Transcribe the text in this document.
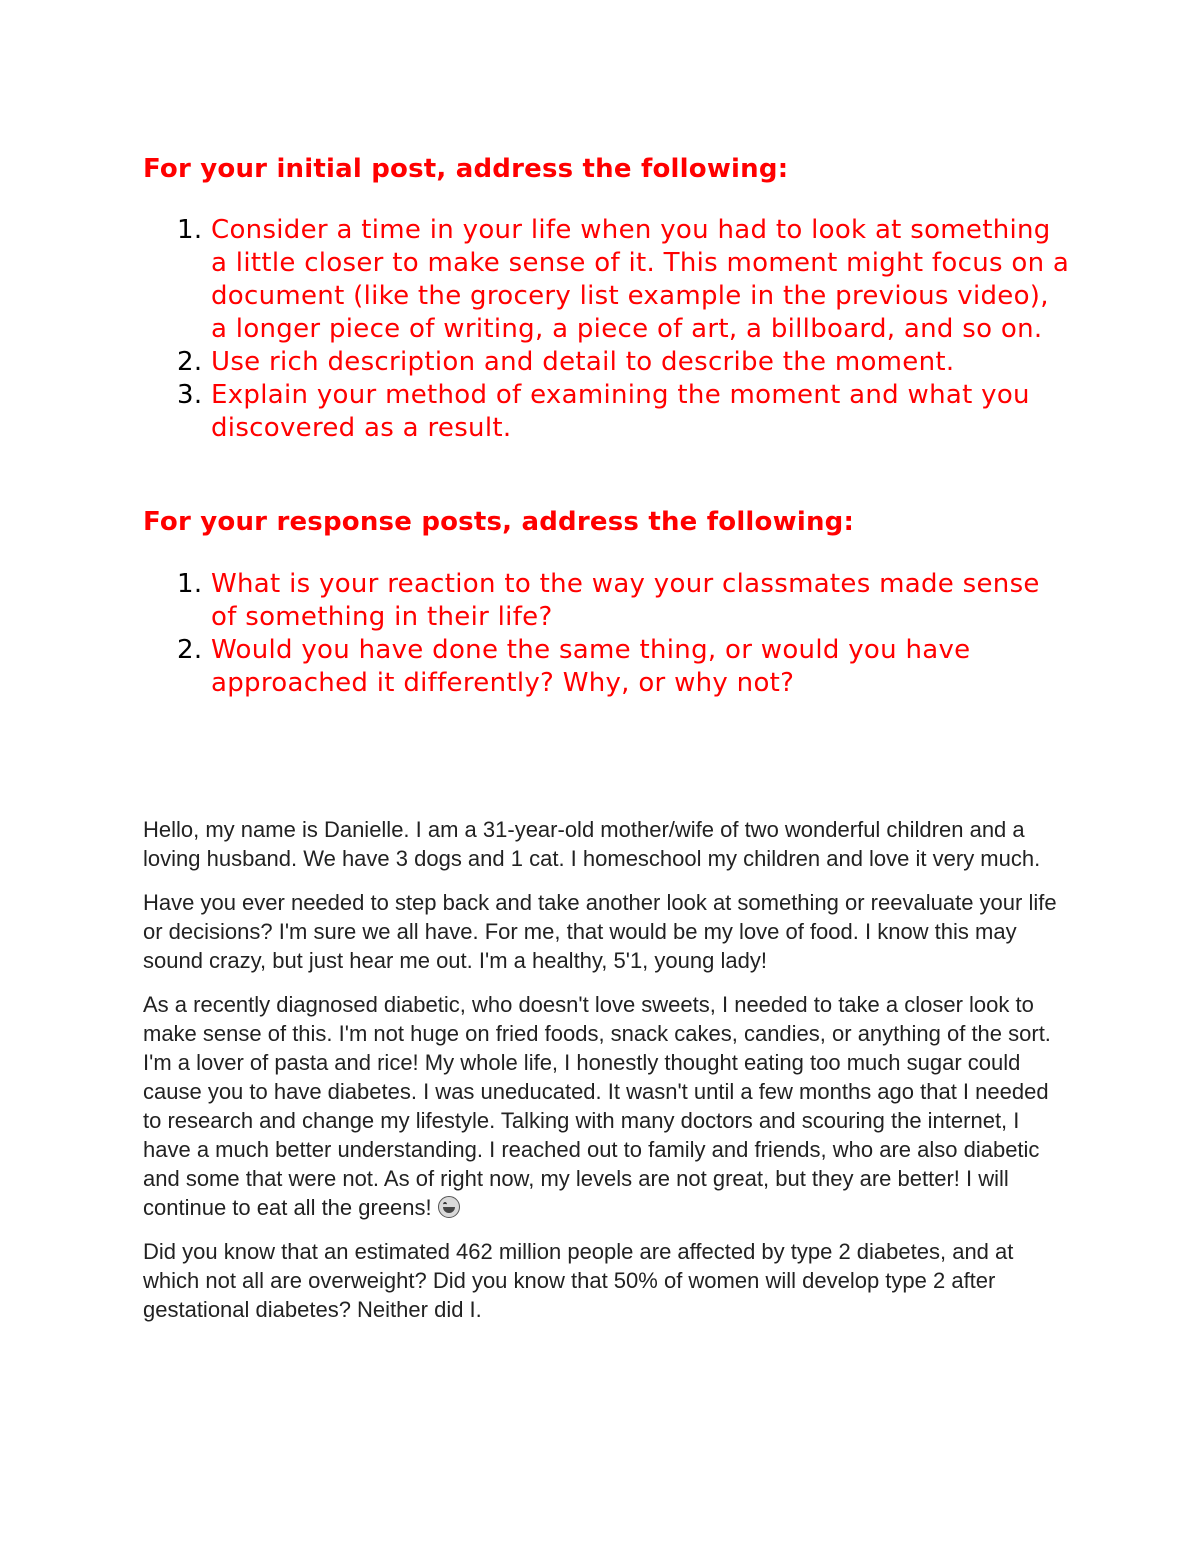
For your initial post, address the following:
1. Consider a time in your life when you had to look at something a little closer to make sense of it. This moment might focus on a document (like the grocery list example in the previous video), a longer piece of writing, a piece of art, a billboard, and so on.
2. Use rich description and detail to describe the moment.
3. Explain your method of examining the moment and what you discovered as a result.
For your response posts, address the following:
1. What is your reaction to the way your classmates made sense of something in their life?
2. Would you have done the same thing, or would you have approached it differently? Why, or why not?

Hello, my name is Danielle. I am a 31-year-old mother/wife of two wonderful children and a loving husband. We have 3 dogs and 1 cat. I homeschool my children and love it very much.

Have you ever needed to step back and take another look at something or reevaluate your life or decisions? I'm sure we all have. For me, that would be my love of food. I know this may sound crazy, but just hear me out. I'm a healthy, 5'1, young lady!

As a recently diagnosed diabetic, who doesn't love sweets, I needed to take a closer look to make sense of this. I'm not huge on fried foods, snack cakes, candies, or anything of the sort. I'm a lover of pasta and rice! My whole life, I honestly thought eating too much sugar could cause you to have diabetes. I was uneducated. It wasn't until a few months ago that I needed to research and change my lifestyle. Talking with many doctors and scouring the internet, I have a much better understanding. I reached out to family and friends, who are also diabetic and some that were not. As of right now, my levels are not great, but they are better! I will continue to eat all the greens!

Did you know that an estimated 462 million people are affected by type 2 diabetes, and at which not all are overweight? Did you know that 50% of women will develop type 2 after gestational diabetes? Neither did I.
